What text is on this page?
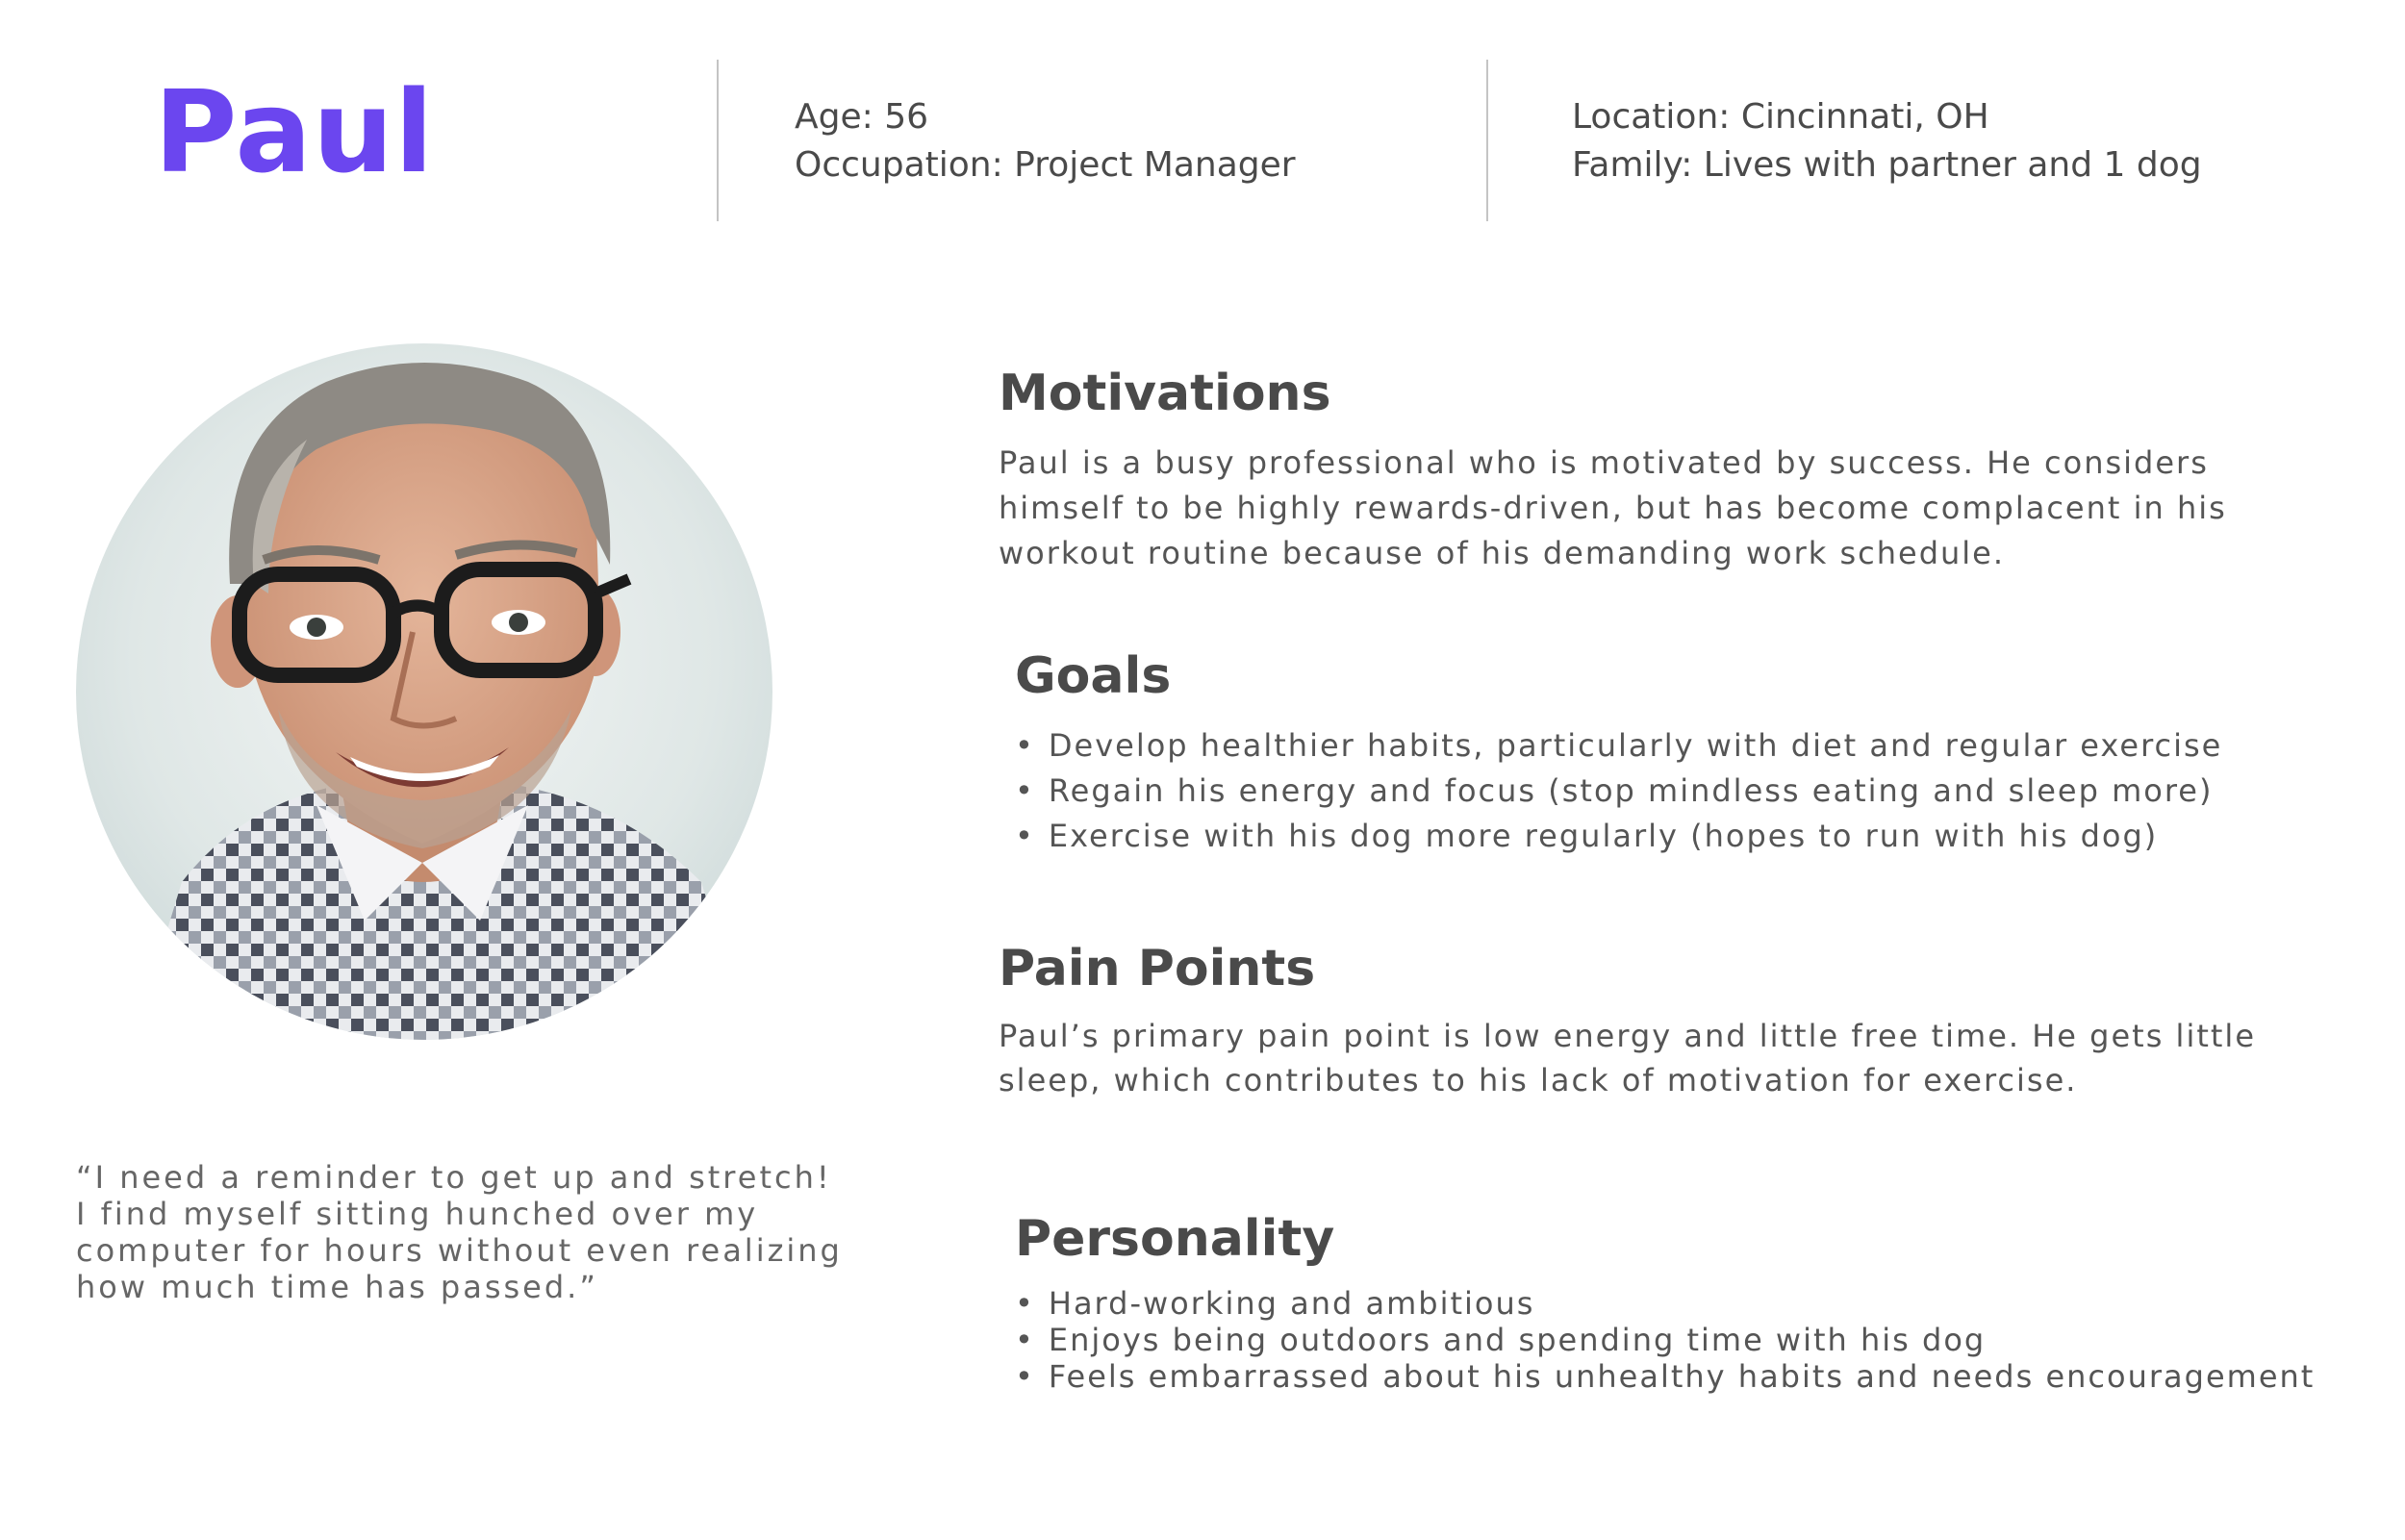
Paul	Age: 56
Occupation: Project Manager
Location: Cincinnati, OH
Family: Lives with partner and 1 dog
“I need a reminder to get up and stretch!
I find myself sitting hunched over my
computer for hours without even realizing
how much time has passed.”
Motivations
Paul is a busy professional who is motivated by success. He considers
himself to be highly rewards-driven, but has become complacent in his
workout routine because of his demanding work schedule.
Goals
• Develop healthier habits, particularly with diet and regular exercise
• Regain his energy and focus (stop mindless eating and sleep more)
• Exercise with his dog more regularly (hopes to run with his dog)
Pain Points
Paul’s primary pain point is low energy and little free time. He gets little
sleep, which contributes to his lack of motivation for exercise.
Personality
• Hard-working and ambitious
• Enjoys being outdoors and spending time with his dog
• Feels embarrassed about his unhealthy habits and needs encouragement
